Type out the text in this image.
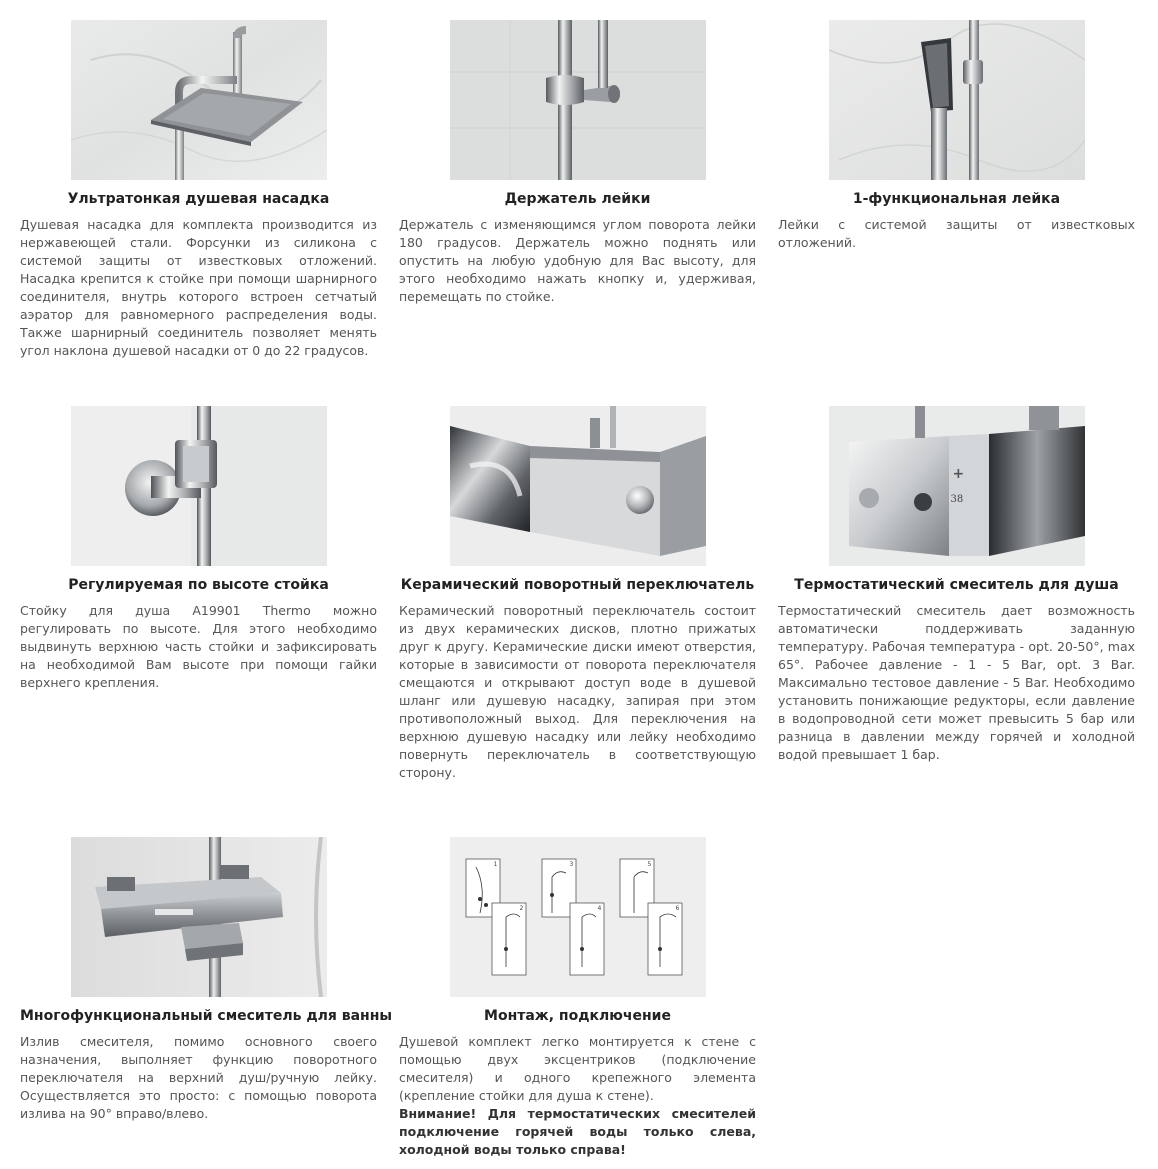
Ультратонкая душевая насадка
Душевая насадка для комплекта производится из нержавеющей стали. Форсунки из силикона с системой защиты от известковых отложений. Насадка крепится к стойке при помощи шарнирного соединителя, внутрь которого встроен сетчатый аэратор для равномерного распределения воды. Также шарнирный соединитель позволяет менять угол наклона душевой насадки от 0 до 22 градусов.
Держатель лейки
Держатель с изменяющимся углом поворота лейки 180 градусов. Держатель можно поднять или опустить на любую удобную для Вас высоту, для этого необходимо нажать кнопку и, удерживая, перемещать по стойке.
1-функциональная лейка
Лейки с системой защиты от известковых отложений.
Регулируемая по высоте стойка
Стойку для душа A19901 Thermo можно регулировать по высоте. Для этого необходимо выдвинуть верхнюю часть стойки и зафиксировать на необходимой Вам высоте при помощи гайки верхнего крепления.
Керамический поворотный переключатель
Керамический поворотный переключатель состоит из двух керамических дисков, плотно прижатых друг к другу. Керамические диски имеют отверстия, которые в зависимости от поворота переключателя смещаются и открывают доступ воде в душевой шланг или душевую насадку, запирая при этом противоположный выход. Для переключения на верхнюю душевую насадку или лейку необходимо повернуть переключатель в соответствующую сторону.
+
38
Термостатический смеситель для душа
Термостатический смеситель дает возможность автоматически поддерживать заданную температуру. Рабочая температура - opt. 20-50°, max 65°. Рабочее давление - 1 - 5 Bar, opt. 3 Bar. Максимально тестовое давление - 5 Bar. Необходимо установить понижающие редукторы, если давление в водопроводной сети может превысить 5 бар или разница в давлении между горячей и холодной водой превышает 1 бар.
Многофункциональный смеситель для ванны
Излив смесителя, помимо основного своего назначения, выполняет функцию поворотного переключателя на верхний душ/ручную лейку. Осуществляется это просто: с помощью поворота излива на 90° вправо/влево.
1
2
3
4
5
6
Монтаж, подключение

Душевой комплект легко монтируется к стене с помощью двух эксцентриков (подключение смесителя) и одного крепежного элемента (крепление стойки для душа к стене).

Внимание! Для термостатических смесителей подключение горячей воды только слева, холодной воды только справа!
